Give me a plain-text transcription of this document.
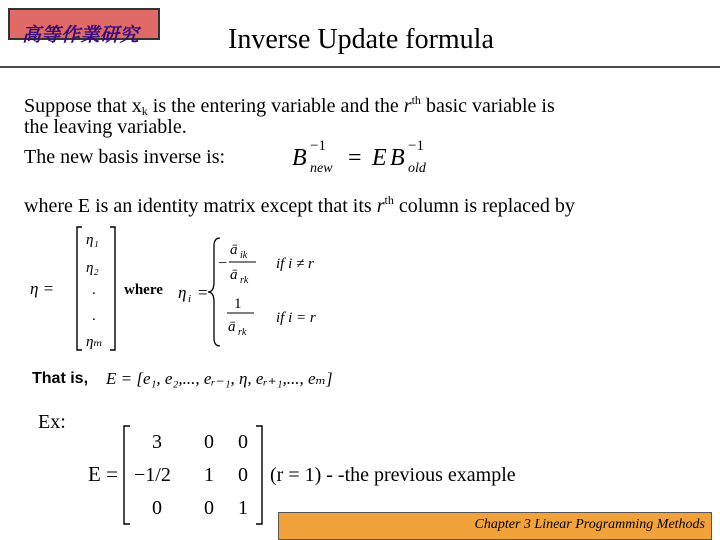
高等作業研究	Inverse Update formula
Suppose that $x_k$ is the entering variable and the $r^{th}$ basic variable is
the leaving variable.
The new basis inverse is:	B −1
new = E B −1
old
where E is an identity matrix except that its $r^{th}$ column is replaced by
η =
η₁
η₂
.
.
ηₘ
where η i =
−
ā ik
ā rk
if i ≠ r
1
ā rk
if i = r
That is, E = [e₁, e₂,..., eᵣ₋₁, η, eᵣ₊₁,..., eₘ]
Ex:
E =
3 0 0
−1/2 1 0
0 0 1
(r = 1) - -the previous example
Chapter 3 Linear Programming Methods
